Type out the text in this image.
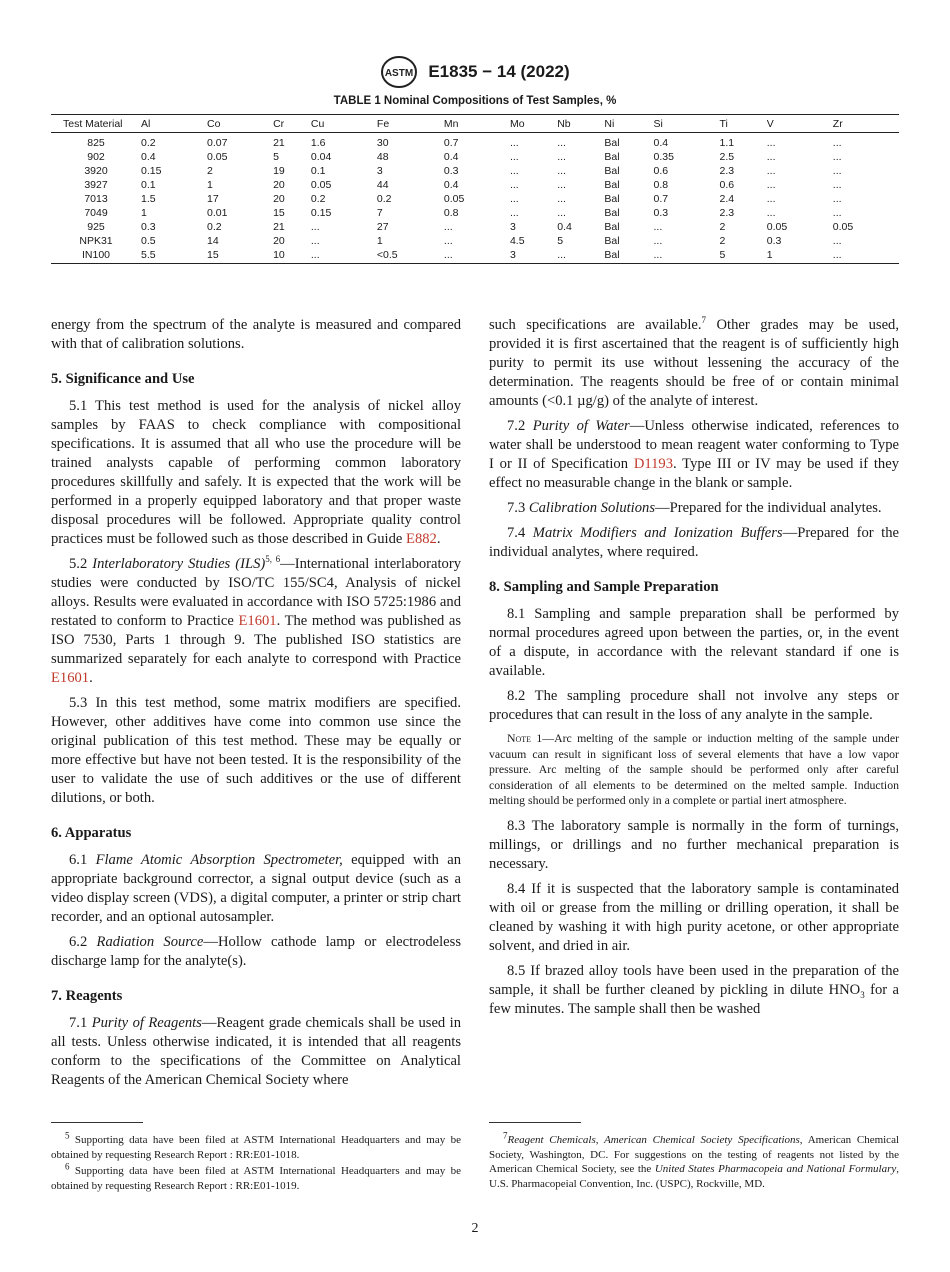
ASTM E1835 − 14 (2022)
TABLE 1 Nominal Compositions of Test Samples, %
Test Material	Al	Co	Cr	Cu	Fe	Mn	Mo	Nb	Ni	Si	Ti	V	Zr
825	0.2	0.07	21	1.6	30	0.7	...	...	Bal	0.4	1.1	...	...
902	0.4	0.05	5	0.04	48	0.4	...	...	Bal	0.35	2.5	...	...
3920	0.15	2	19	0.1	3	0.3	...	...	Bal	0.6	2.3	...	...
3927	0.1	1	20	0.05	44	0.4	...	...	Bal	0.8	0.6	...	...
7013	1.5	17	20	0.2	0.2	0.05	...	...	Bal	0.7	2.4	...	...
7049	1	0.01	15	0.15	7	0.8	...	...	Bal	0.3	2.3	...	...
925	0.3	0.2	21	...	27	...	3	0.4	Bal	...	2	0.05	0.05
NPK31	0.5	14	20	...	1	...	4.5	5	Bal	...	2	0.3	...
IN100	5.5	15	10	...	<0.5	...	3	...	Bal	...	5	1	...

energy from the spectrum of the analyte is measured and compared with that of calibration solutions.

5. Significance and Use

5.1 This test method is used for the analysis of nickel alloy samples by FAAS to check compliance with compositional specifications. It is assumed that all who use the procedure will be trained analysts capable of performing common laboratory procedures skillfully and safely. It is expected that the work will be performed in a properly equipped laboratory and that proper waste disposal procedures will be followed. Appropriate quality control practices must be followed such as those described in Guide E882.

5.2 Interlaboratory Studies (ILS)$^{5, 6}$—International interlaboratory studies were conducted by ISO/TC 155/SC4, Analysis of nickel alloys. Results were evaluated in accordance with ISO 5725:1986 and restated to conform to Practice E1601. The method was published as ISO 7530, Parts 1 through 9. The published ISO statistics are summarized separately for each analyte to correspond with Practice E1601.

5.3 In this test method, some matrix modifiers are specified. However, other additives have come into common use since the original publication of this test method. These may be equally or more effective but have not been tested. It is the responsibility of the user to validate the use of such additives or the use of different dilutions, or both.

6. Apparatus

6.1 Flame Atomic Absorption Spectrometer, equipped with an appropriate background corrector, a signal output device (such as a video display screen (VDS), a digital computer, a printer or strip chart recorder, and an optional autosampler.

6.2 Radiation Source—Hollow cathode lamp or electrodeless discharge lamp for the analyte(s).

7. Reagents

7.1 Purity of Reagents—Reagent grade chemicals shall be used in all tests. Unless otherwise indicated, it is intended that all reagents conform to the specifications of the Committee on Analytical Reagents of the American Chemical Society where

such specifications are available.$^7$ Other grades may be used, provided it is first ascertained that the reagent is of sufficiently high purity to permit its use without lessening the accuracy of the determination. The reagents should be free of or contain minimal amounts (<0.1 µg/g) of the analyte of interest.

7.2 Purity of Water—Unless otherwise indicated, references to water shall be understood to mean reagent water conforming to Type I or II of Specification D1193. Type III or IV may be used if they effect no measurable change in the blank or sample.

7.3 Calibration Solutions—Prepared for the individual analytes.

7.4 Matrix Modifiers and Ionization Buffers—Prepared for the individual analytes, where required.

8. Sampling and Sample Preparation

8.1 Sampling and sample preparation shall be performed by normal procedures agreed upon between the parties, or, in the event of a dispute, in accordance with the relevant standard if one is available.

8.2 The sampling procedure shall not involve any steps or procedures that can result in the loss of any analyte in the sample.

Note 1—Arc melting of the sample or induction melting of the sample under vacuum can result in significant loss of several elements that have a low vapor pressure. Arc melting of the sample should be performed only after careful consideration of all elements to be determined on the melted sample. Induction melting should be performed only in a complete or partial inert atmosphere.

8.3 The laboratory sample is normally in the form of turnings, millings, or drillings and no further mechanical preparation is necessary.

8.4 If it is suspected that the laboratory sample is contaminated with oil or grease from the milling or drilling operation, it shall be cleaned by washing it with high purity acetone, or other appropriate solvent, and dried in air.

8.5 If brazed alloy tools have been used in the preparation of the sample, it shall be further cleaned by pickling in dilute $HNO_3$ for a few minutes. The sample shall then be washed

$^5$ Supporting data have been filed at ASTM International Headquarters and may be obtained by requesting Research Report : RR:E01-1018.

$^6$ Supporting data have been filed at ASTM International Headquarters and may be obtained by requesting Research Report : RR:E01-1019.

$^7$Reagent Chemicals, American Chemical Society Specifications, American Chemical Society, Washington, DC. For suggestions on the testing of reagents not listed by the American Chemical Society, see the United States Pharmacopeia and National Formulary, U.S. Pharmacopeial Convention, Inc. (USPC), Rockville, MD.

2
